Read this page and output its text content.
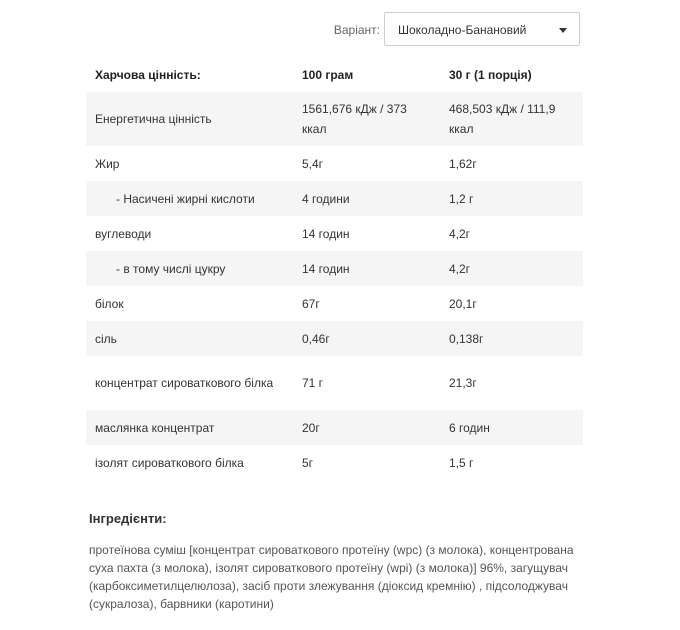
Варіант: Шоколадно-Банановий
Харчова цінність:	100 грам	30 г (1 порція)
Енергетична цінність	1561,676 кДж / 373 ккал	468,503 кДж / 111,9 ккал
Жир	5,4г	1,62г
- Насичені жирні кислоти	4 години	1,2 г
вуглеводи	14 годин	4,2г
- в тому числі цукру	14 годин	4,2г
білок	67г	20,1г
сіль	0,46г	0,138г
концентрат сироваткового білка	71 г	21,3г
маслянка концентрат	20г	6 годин
ізолят сироваткового білка	5г	1,5 г
Інгредієнти:

протеїнова суміш [концентрат сироваткового протеїну (wpc) (з молока), концентрована суха пахта (з молока), ізолят сироваткового протеїну (wpi) (з молока)] 96%, загущувач (карбоксиметилцелюлоза), засіб проти злежування (діоксид кремнію) , підсолоджувач (сукралоза), барвники (каротини)
